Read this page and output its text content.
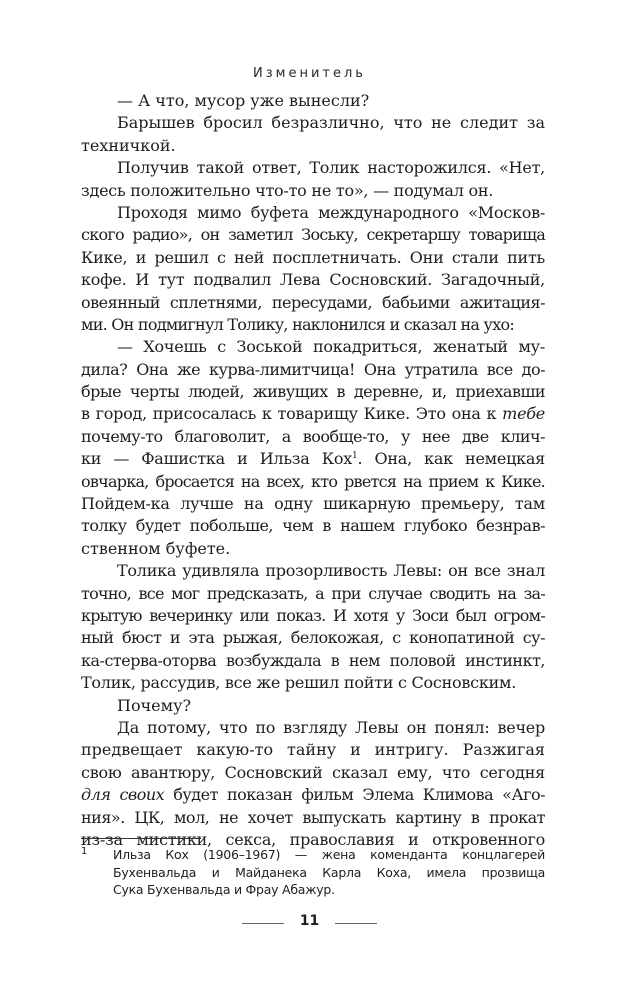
Изменитель
— А что, мусор уже вынесли?
Барышев бросил безразлично, что не следит за
техничкой.
Получив такой ответ, Толик насторожился. «Нет,
здесь положительно что-то не то», — подумал он.
Проходя мимо буфета международного «Москов-
ского радио», он заметил Зоську, секретаршу товарища
Кике, и решил с ней посплетничать. Они стали пить
кофе. И тут подвалил Лева Сосновский. Загадочный,
овеянный сплетнями, пересудами, бабьими ажитация-
ми. Он подмигнул Толику, наклонился и сказал на ухо:
— Хочешь с Зоськой покадриться, женатый му-
дила? Она же курва-лимитчица! Она утратила все до-
брые черты людей, живущих в деревне, и, приехавши
в город, присосалась к товарищу Кике. Это она к тебе
почему-то благоволит, а вообще-то, у нее две клич-
ки — Фашистка и Ильза Кох$^1$. Она, как немецкая
овчарка, бросается на всех, кто рвется на прием к Кике.
Пойдем-ка лучше на одну шикарную премьеру, там
толку будет побольше, чем в нашем глубоко безнрав-
ственном буфете.
Толика удивляла прозорливость Левы: он все знал
точно, все мог предсказать, а при случае сводить на за-
крытую вечеринку или показ. И хотя у Зоси был огром-
ный бюст и эта рыжая, белокожая, с конопатиной су-
ка-стерва-оторва возбуждала в нем половой инстинкт,
Толик, рассудив, все же решил пойти с Сосновским.
Почему?
Да потому, что по взгляду Левы он понял: вечер
предвещает какую-то тайну и интригу. Разжигая
свою авантюру, Сосновский сказал ему, что сегодня
для своих будет показан фильм Элема Климова «Аго-
ния». ЦК, мол, не хочет выпускать картину в прокат
из-за мистики, секса, православия и откровенного
1	Ильза Кох (1906–1967) — жена коменданта концлагерей
Бухенвальда и Майданека Карла Коха, имела прозвища
Сука Бухенвальда и Фрау Абажур.
11
